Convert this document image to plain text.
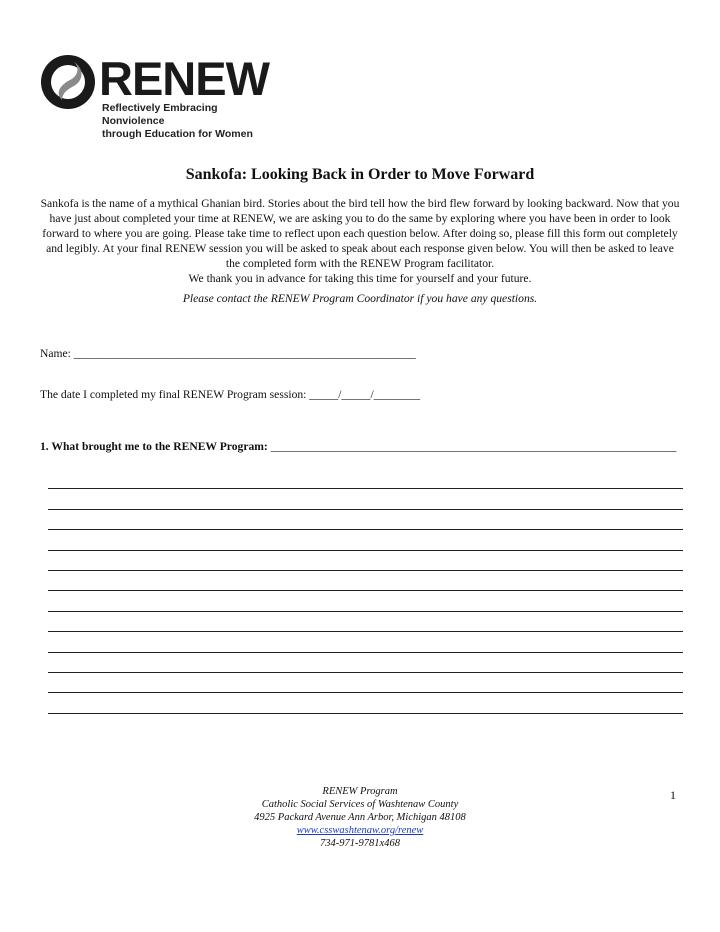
RENEW
Reflectively Embracing Nonviolence
through Education for Women
Sankofa: Looking Back in Order to Move Forward

Sankofa is the name of a mythical Ghanian bird. Stories about the bird tell how the bird flew forward by looking backward. Now that you have just about completed your time at RENEW, we are asking you to do the same by exploring where you have been in order to look forward to where you are going. Please take time to reflect upon each question below. After doing so, please fill this form out completely and legibly. At your final RENEW session you will be asked to speak about each response given below. You will then be asked to leave the completed form with the RENEW Program facilitator.

We thank you in advance for taking this time for yourself and your future.

Please contact the RENEW Program Coordinator if you have any questions.
Name: ___________________________________________________________
The date I completed my final RENEW Program session: _____/_____/________
1. What brought me to the RENEW Program: ______________________________________________________________________
1
RENEW Program
Catholic Social Services of Washtenaw County
4925 Packard Avenue Ann Arbor, Michigan 48108
www.csswashtenaw.org/renew
734-971-9781x468
